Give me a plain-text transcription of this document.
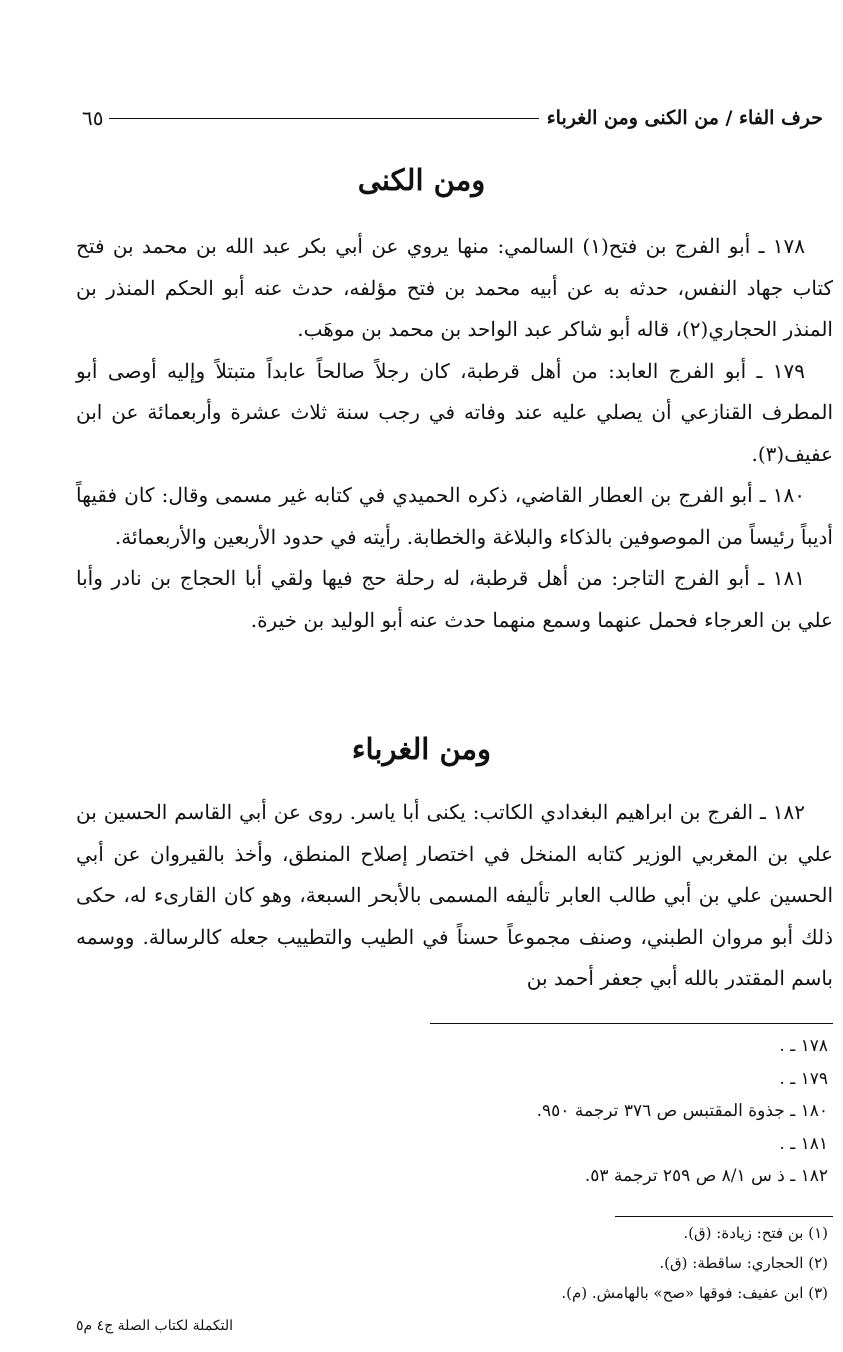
حرف الفاء / من الكنى ومن الغرباء
٦٥
ومن الكنى

١٧٨ ـ أبو الفرج بن فتح(١) السالمي: منها يروي عن أبي بكر عبد الله بن محمد بن فتح كتاب جهاد النفس، حدثه به عن أبيه محمد بن فتح مؤلفه، حدث عنه أبو الحكم المنذر بن المنذر الحجاري(٢)، قاله أبو شاكر عبد الواحد بن محمد بن موهَب.

١٧٩ ـ أبو الفرج العابد: من أهل قرطبة، كان رجلاً صالحاً عابداً متبتلاً وإليه أوصى أبو المطرف القنازعي أن يصلي عليه عند وفاته في رجب سنة ثلاث عشرة وأربعمائة عن ابن عفيف(٣).

١٨٠ ـ أبو الفرج بن العطار القاضي، ذكره الحميدي في كتابه غير مسمى وقال: كان فقيهاً أديباً رئيساً من الموصوفين بالذكاء والبلاغة والخطابة. رأيته في حدود الأربعين والأربعمائة.

١٨١ ـ أبو الفرج التاجر: من أهل قرطبة، له رحلة حج فيها ولقي أبا الحجاج بن نادر وأبا علي بن العرجاء فحمل عنهما وسمع منهما حدث عنه أبو الوليد بن خيرة.

ومن الغرباء

١٨٢ ـ الفرج بن ابراهيم البغدادي الكاتب: يكنى أبا ياسر. روى عن أبي القاسم الحسين بن علي بن المغربي الوزير كتابه المنخل في اختصار إصلاح المنطق، وأخذ بالقيروان عن أبي الحسين علي بن أبي طالب العابر تأليفه المسمى بالأبحر السبعة، وهو كان القارىء له، حكى ذلك أبو مروان الطبني، وصنف مجموعاً حسناً في الطيب والتطييب جعله كالرسالة. ووسمه باسم المقتدر بالله أبي جعفر أحمد بن

١٧٨ ـ .
١٧٩ ـ .
١٨٠ ـ جذوة المقتبس ص ٣٧٦ ترجمة ٩٥٠.
١٨١ ـ .
١٨٢ ـ ذ س ٨/١ ص ٢٥٩ ترجمة ٥٣.
(١) بن فتح: زيادة: (ق).
(٢) الحجاري: ساقطة: (ق).
(٣) ابن عفيف: فوقها «صح» بالهامش. (م).
التكملة لكتاب الصلة ج٤ م٥
